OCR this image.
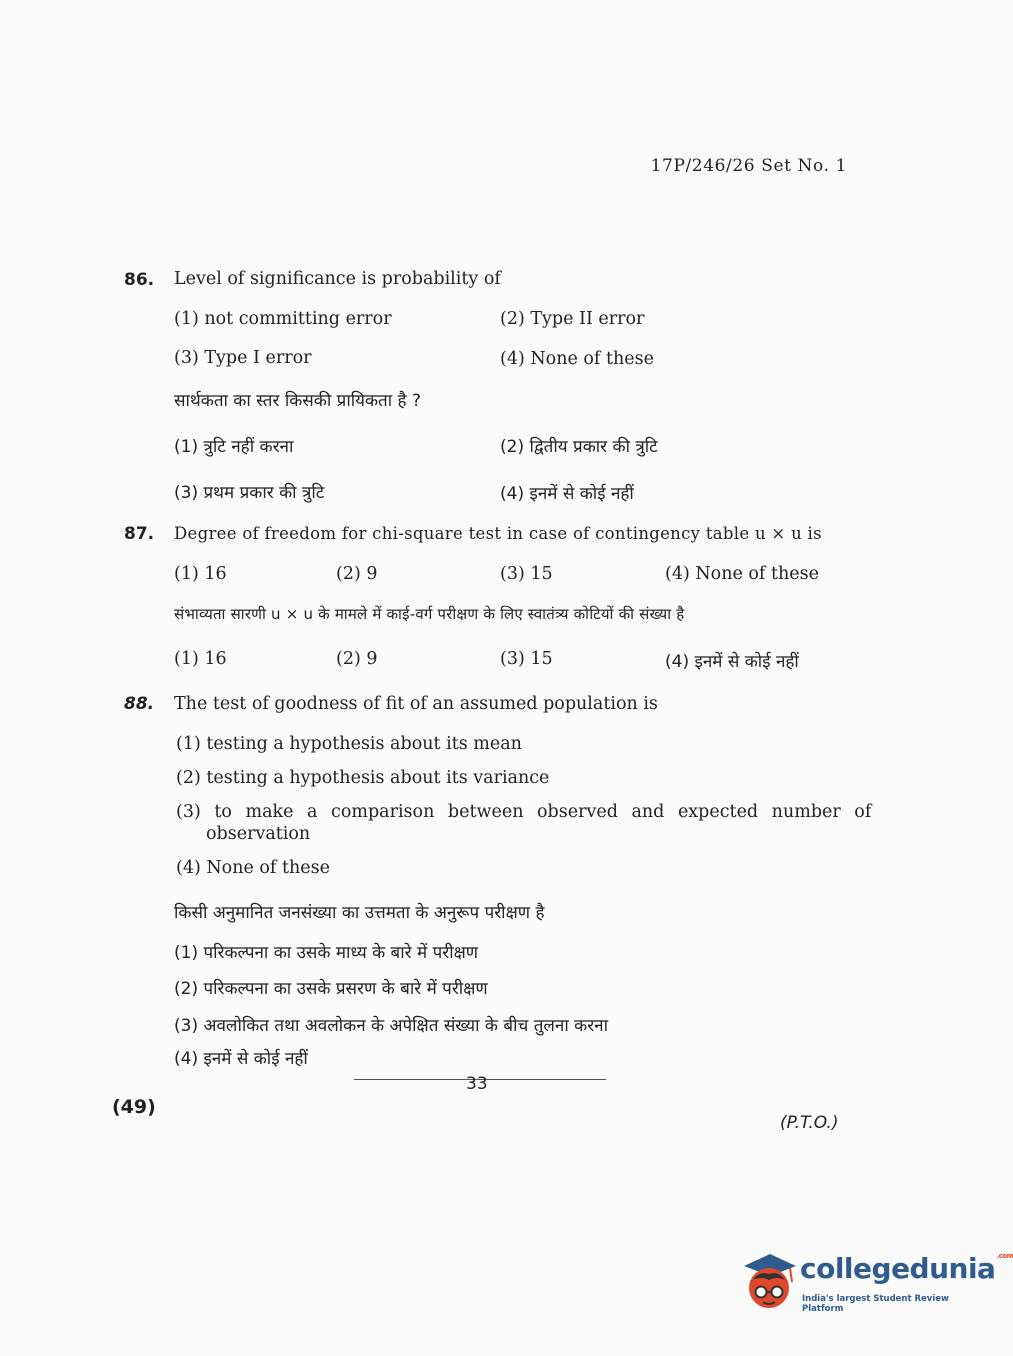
17P/246/26 Set No. 1
86. Level of significance is probability of
(1) not committing error	(2) Type II error
(3) Type I error	(4) None of these
सार्थकता का स्तर किसकी प्रायिकता है ?
(1) त्रुटि नहीं करना	(2) द्वितीय प्रकार की त्रुटि
(3) प्रथम प्रकार की त्रुटि	(4) इनमें से कोई नहीं
87. Degree of freedom for chi-square test in case of contingency table u × u is
(1) 16	(2) 9	(3) 15	(4) None of these
संभाव्यता सारणी u × u के मामले में काई-वर्ग परीक्षण के लिए स्वातंत्र्य कोटियों की संख्या है
(1) 16	(2) 9	(3) 15	(4) इनमें से कोई नहीं
88. The test of goodness of fit of an assumed population is
(1) testing a hypothesis about its mean
(2) testing a hypothesis about its variance
(3) to make a comparison between observed and expected number of
observation
(4) None of these
किसी अनुमानित जनसंख्या का उत्तमता के अनुरूप परीक्षण है
(1) परिकल्पना का उसके माध्य के बारे में परीक्षण
(2) परिकल्पना का उसके प्रसरण के बारे में परीक्षण
(3) अवलोकित तथा अवलोकन के अपेक्षित संख्या के बीच तुलना करना
(4) इनमें से कोई नहीं
33
(49)
(P.T.O.)
collegedunia$^{.com}$
India's largest Student Review Platform
